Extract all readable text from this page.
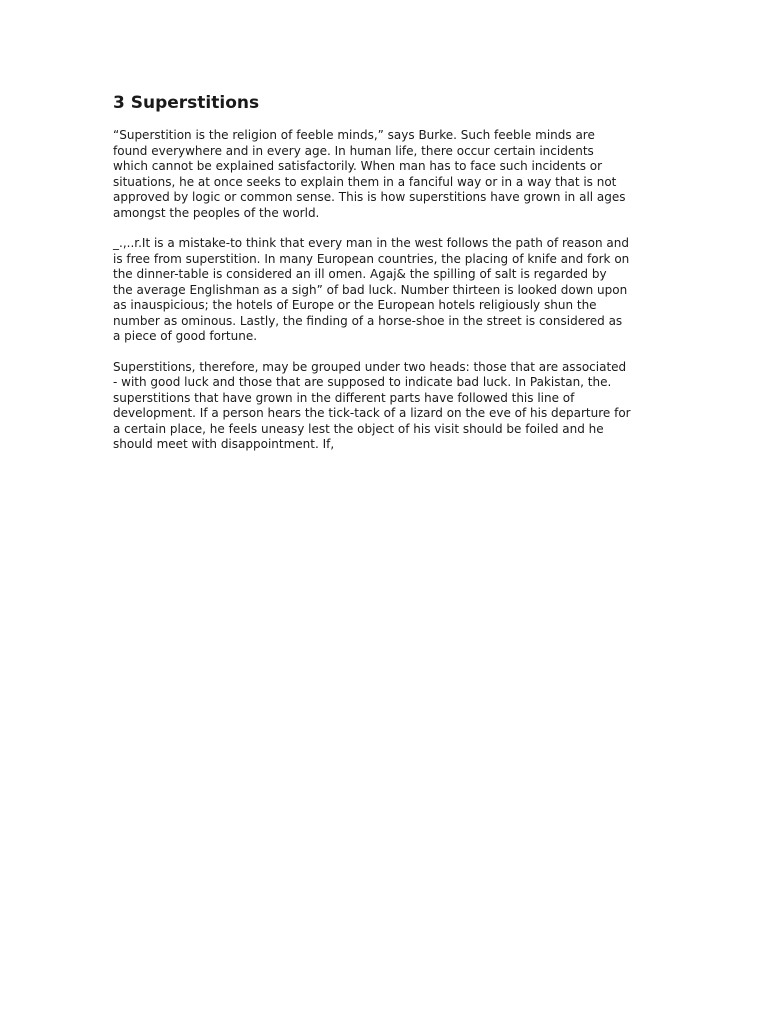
3 Superstitions

“Superstition is the religion of feeble minds,” says Burke. Such feeble minds are
found everywhere and in every age. In human life, there occur certain incidents
which cannot be explained satisfactorily. When man has to face such incidents or
situations, he at once seeks to explain them in a fanciful way or in a way that is not
approved by logic or common sense. This is how superstitions have grown in all ages
amongst the peoples of the world.

_.,..r.It is a mistake-to think that every man in the west follows the path of reason and
is free from superstition. In many European countries, the placing of knife and fork on
the dinner-table is considered an ill omen. Agaj& the spilling of salt is regarded by
the average Englishman as a sigh” of bad luck. Number thirteen is looked down upon
as inauspicious; the hotels of Europe or the European hotels religiously shun the
number as ominous. Lastly, the finding of a horse-shoe in the street is considered as
a piece of good fortune.

Superstitions, therefore, may be grouped under two heads: those that are associated
- with good luck and those that are supposed to indicate bad luck. In Pakistan, the.
superstitions that have grown in the different parts have followed this line of
development. If a person hears the tick-tack of a lizard on the eve of his departure for
a certain place, he feels uneasy lest the object of his visit should be foiled and he
should meet with disappointment. If,
